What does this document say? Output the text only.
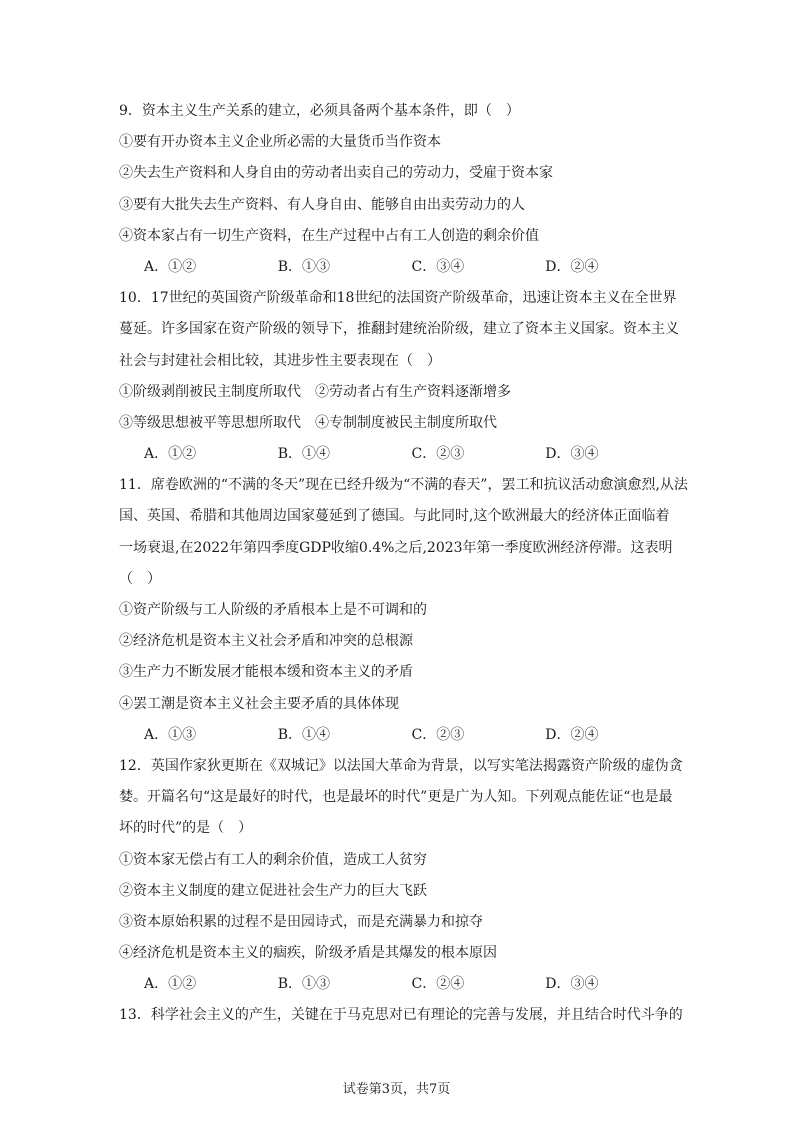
9．资本主义生产关系的建立，必须具备两个基本条件，即（　）
①要有开办资本主义企业所必需的大量货币当作资本
②失去生产资料和人身自由的劳动者出卖自己的劳动力，受雇于资本家
③要有大批失去生产资料、有人身自由、能够自由出卖劳动力的人
④资本家占有一切生产资料，在生产过程中占有工人创造的剩余价值
A．①②	B．①③	C．③④	D．②④
10．17世纪的英国资产阶级革命和18世纪的法国资产阶级革命，迅速让资本主义在全世界
蔓延。许多国家在资产阶级的领导下，推翻封建统治阶级，建立了资本主义国家。资本主义
社会与封建社会相比较，其进步性主要表现在（　）
①阶级剥削被民主制度所取代　②劳动者占有生产资料逐渐增多
③等级思想被平等思想所取代　④专制制度被民主制度所取代
A．①②	B．①④	C．②③	D．③④
11．席卷欧洲的“不满的冬天”现在已经升级为“不满的春天”，罢工和抗议活动愈演愈烈,从法
国、英国、希腊和其他周边国家蔓延到了德国。与此同时,这个欧洲最大的经济体正面临着
一场衰退,在2022年第四季度GDP收缩0.4%之后,2023年第一季度欧洲经济停滞。这表明
（　）
①资产阶级与工人阶级的矛盾根本上是不可调和的
②经济危机是资本主义社会矛盾和冲突的总根源
③生产力不断发展才能根本缓和资本主义的矛盾
④罢工潮是资本主义社会主要矛盾的具体体现
A．①③	B．①④	C．②③	D．②④
12．英国作家狄更斯在《双城记》以法国大革命为背景，以写实笔法揭露资产阶级的虚伪贪
婪。开篇名句“这是最好的时代，也是最坏的时代”更是广为人知。下列观点能佐证“也是最
坏的时代”的是（　）
①资本家无偿占有工人的剩余价值，造成工人贫穷
②资本主义制度的建立促进社会生产力的巨大飞跃
③资本原始积累的过程不是田园诗式，而是充满暴力和掠夺
④经济危机是资本主义的痼疾，阶级矛盾是其爆发的根本原因
A．①②	B．①③	C．②④	D．③④
13．科学社会主义的产生，关键在于马克思对已有理论的完善与发展，并且结合时代斗争的
试卷第3页，共7页
